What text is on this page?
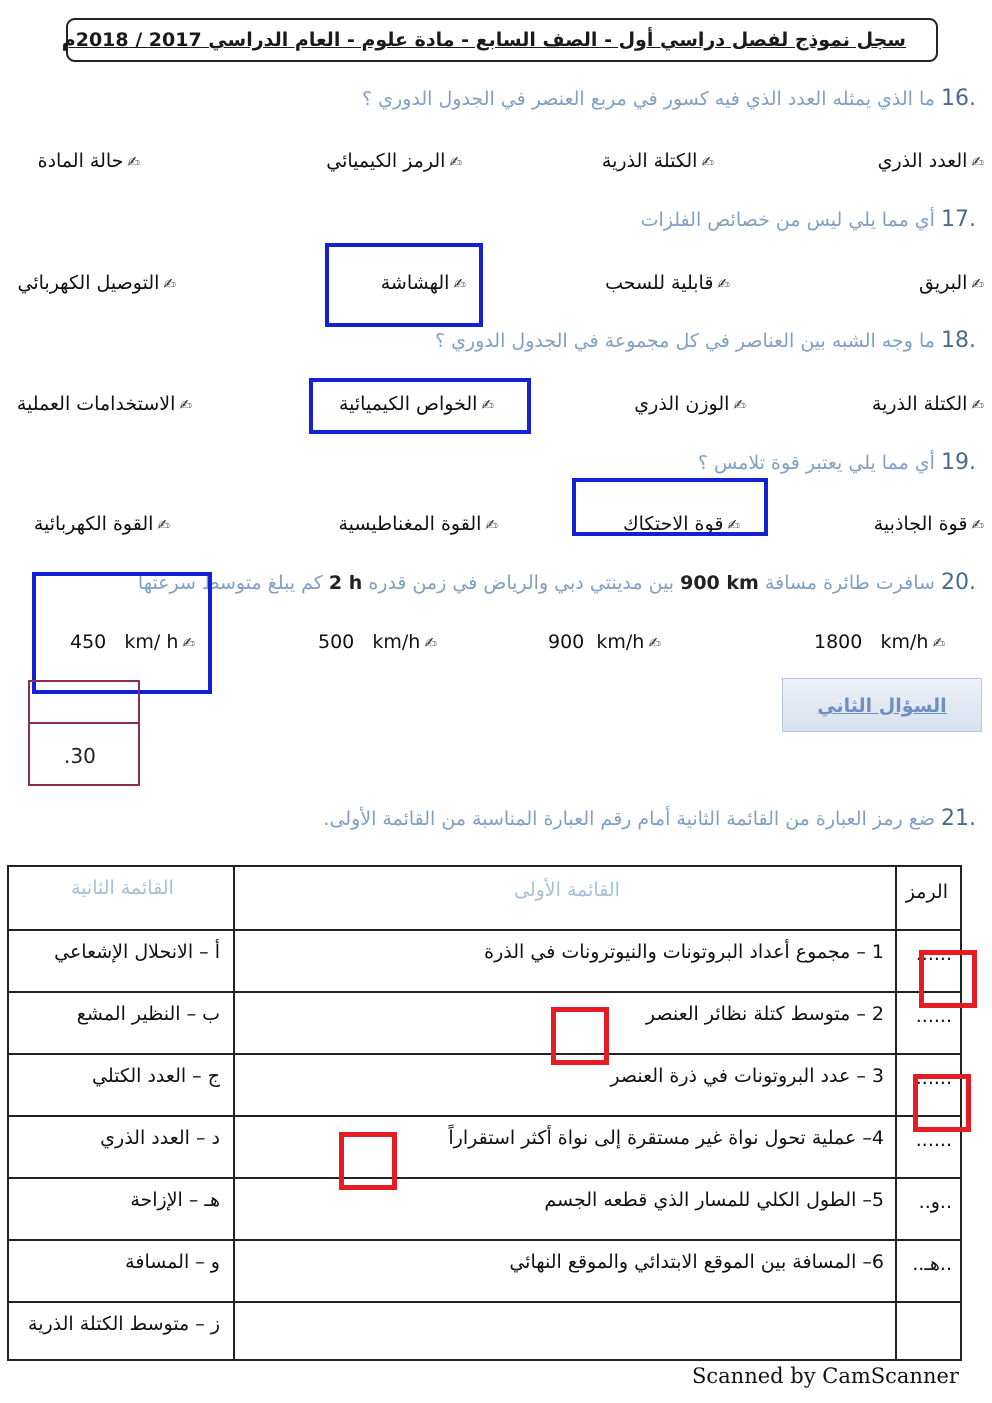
سجل نموذج لفصل دراسي أول - الصف السابع - مادة علوم - العام الدراسي 2017 / 2018م
.16 ما الذي يمثله العدد الذي فيه كسور في مربع العنصر في الجدول الدوري ؟
✍العدد الذري
✍الكتلة الذرية
✍الرمز الكيميائي
✍حالة المادة
.17 أي مما يلي ليس من خصائص الفلزات
✍البريق
✍قابلية للسحب
✍الهشاشة
✍التوصيل الكهربائي
.18 ما وجه الشبه بين العناصر في كل مجموعة في الجدول الدوري ؟
✍الكتلة الذرية
✍الوزن الذري
✍الخواص الكيميائية
✍الاستخدامات العملية
.19 أي مما يلي يعتبر قوة تلامس ؟
✍قوة الجاذبية
✍قوة الاحتكاك
✍القوة المغناطيسية
✍القوة الكهربائية
.20 سافرت طائرة مسافة 900 km بين مدينتي دبي والرياض في زمن قدره 2 h كم يبلغ متوسط سرعتها
1800   km/h ✍
900  km/h ✍
500   km/h ✍
450   km/ h ✍
.30
السؤال الثاني
.21 ضع رمز العبارة من القائمة الثانية أمام رقم العبارة المناسبة من القائمة الأولى.
الرمز
القائمة الأولى
القائمة الثانية
......
1 – مجموع أعداد البروتونات والنيوترونات في الذرة
أ – الانحلال الإشعاعي
......
2 – متوسط كتلة نظائر العنصر
ب – النظير المشع
......
3 – عدد البروتونات في ذرة العنصر
ج – العدد الكتلي
......
4– عملية تحول نواة غير مستقرة إلى نواة أكثر استقراراً
د – العدد الذري
..و..
5– الطول الكلي للمسار الذي قطعه الجسم
هـ – الإزاحة
..هـ..
6– المسافة بين الموقع الابتدائي والموقع النهائي
و – المسافة
ز – متوسط الكتلة الذرية
Scanned by CamScanner
